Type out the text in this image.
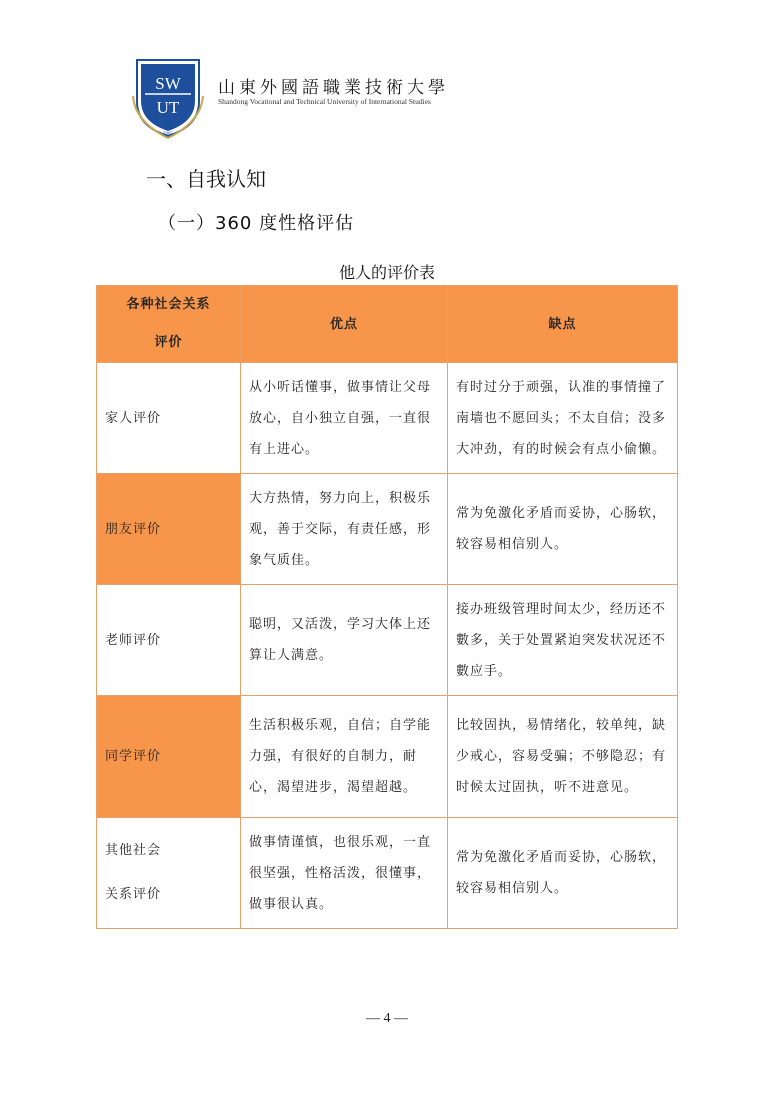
SW
UT
2005
山東外國語職業技術大學
Shandong Vocational and Technical University of International Studies
一、自我认知
（一）360 度性格评估
他人的评价表
各种社会关系
评价	优点	缺点
家人评价	从小听话懂事，做事情让父母放心，自小独立自强，一直很有上进心。	有时过分于顽强，认准的事情撞了南墙也不愿回头；不太自信；没多大冲劲，有的时候会有点小偷懒。
朋友评价	大方热情，努力向上，积极乐观，善于交际，有责任感，形象气质佳。	常为免激化矛盾而妥协，心肠软，较容易相信别人。
老师评价	聪明，又活泼，学习大体上还算让人满意。	接办班级管理时间太少，经历还不數多，关于处置紧迫突发状况还不數应手。
同学评价	生活积极乐观，自信；自学能力强，有很好的自制力，耐心，渴望进步，渴望超越。	比较固执，易情绪化，较单纯，缺少戒心，容易受骗；不够隐忍；有时候太过固执，听不进意见。
其他社会
关系评价	做事情谨慎，也很乐观，一直很坚强，性格活泼，很懂事，做事很认真。	常为免激化矛盾而妥协，心肠软，较容易相信别人。
— 4 —
